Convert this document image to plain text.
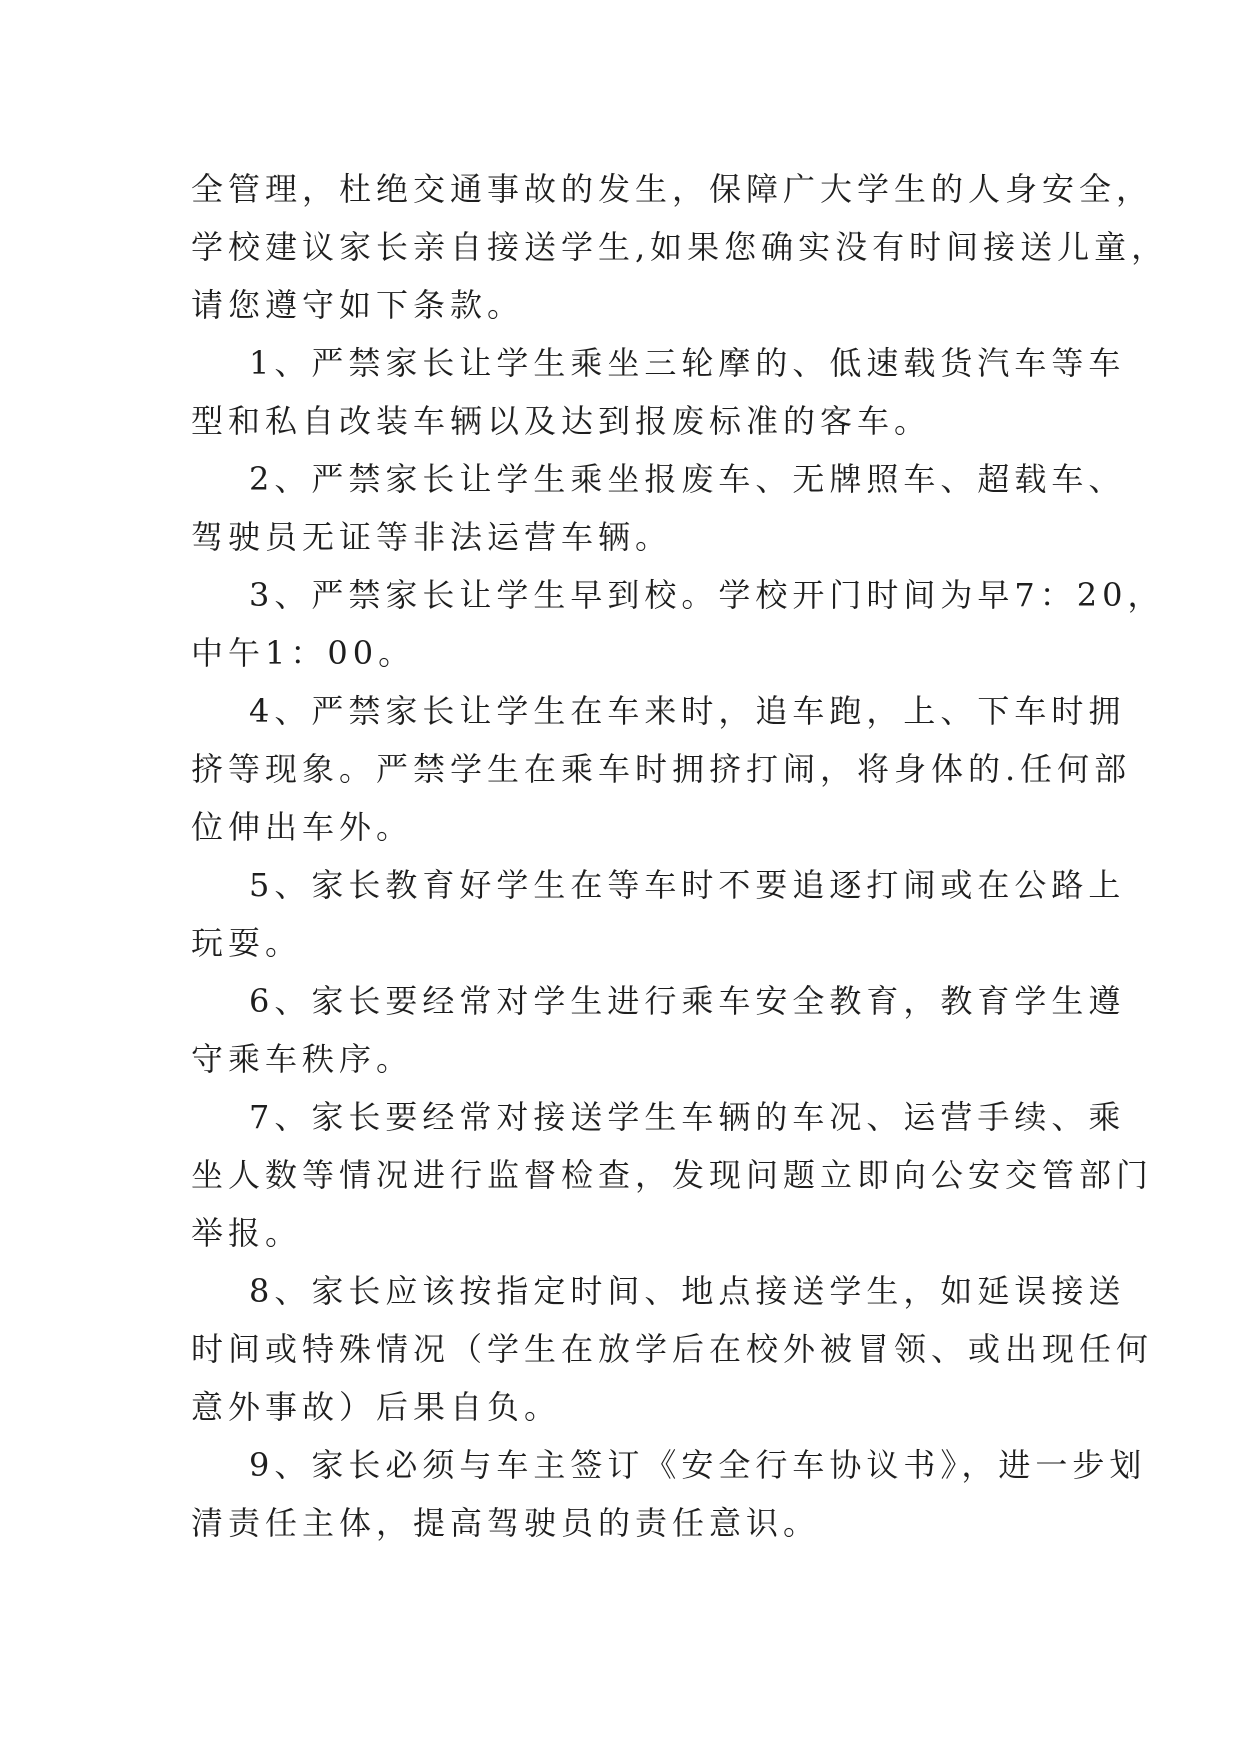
全管理，杜绝交通事故的发生，保障广大学生的人身安全，
学校建议家长亲自接送学生,如果您确实没有时间接送儿童，
请您遵守如下条款。
1、严禁家长让学生乘坐三轮摩的、低速载货汽车等车
型和私自改装车辆以及达到报废标准的客车。
2、严禁家长让学生乘坐报废车、无牌照车、超载车、
驾驶员无证等非法运营车辆。
3、严禁家长让学生早到校。学校开门时间为早7：20，
中午1：00。
4、严禁家长让学生在车来时，追车跑，上、下车时拥
挤等现象。严禁学生在乘车时拥挤打闹，将身体的.任何部
位伸出车外。
5、家长教育好学生在等车时不要追逐打闹或在公路上
玩耍。
6、家长要经常对学生进行乘车安全教育，教育学生遵
守乘车秩序。
7、家长要经常对接送学生车辆的车况、运营手续、乘
坐人数等情况进行监督检查，发现问题立即向公安交管部门
举报。
8、家长应该按指定时间、地点接送学生，如延误接送
时间或特殊情况（学生在放学后在校外被冒领、或出现任何
意外事故）后果自负。
9、家长必须与车主签订《安全行车协议书》，进一步划
清责任主体，提高驾驶员的责任意识。
